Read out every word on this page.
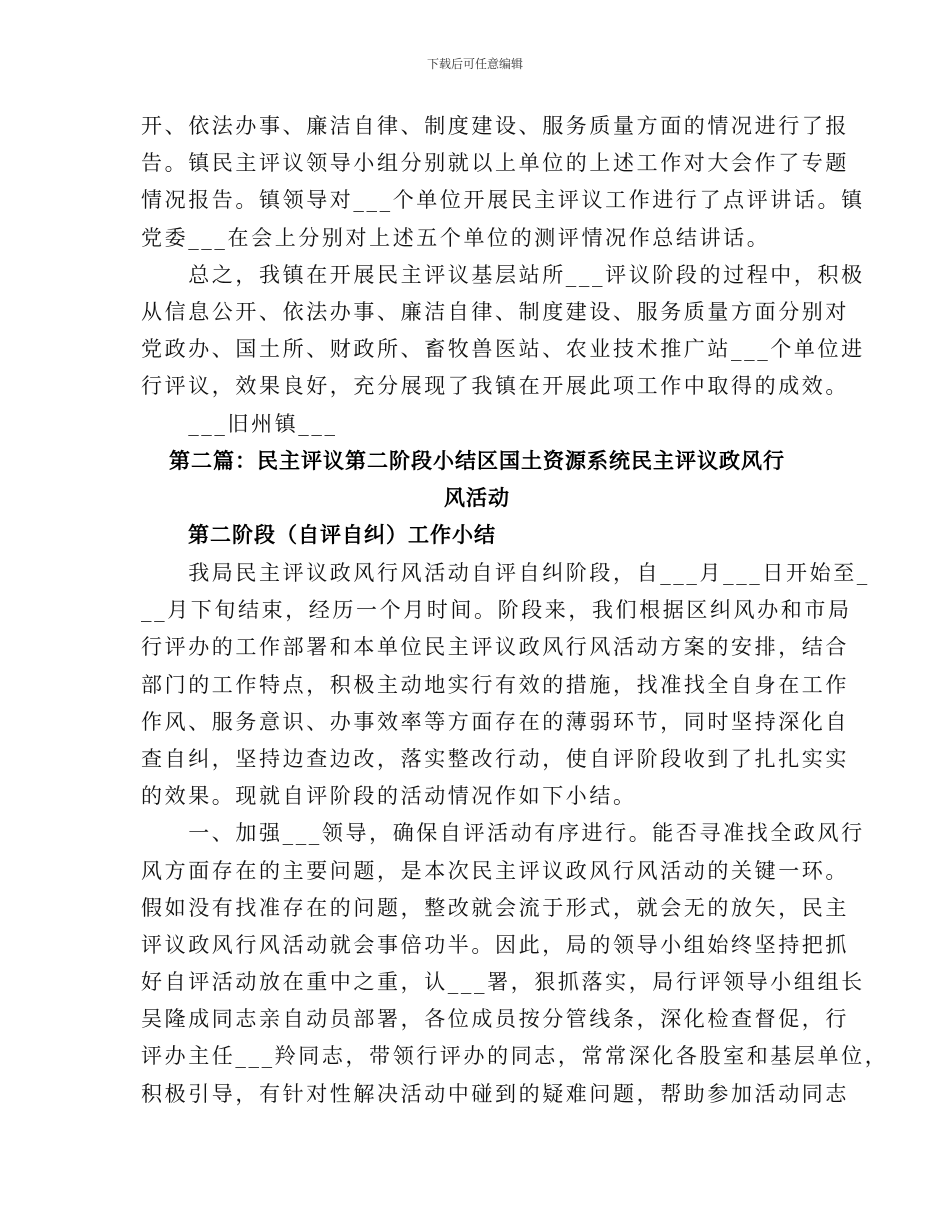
下载后可任意编辑
开、依法办事、廉洁自律、制度建设、服务质量方面的情况进行了报
告。镇民主评议领导小组分别就以上单位的上述工作对大会作了专题
情况报告。镇领导对___个单位开展民主评议工作进行了点评讲话。镇
党委___在会上分别对上述五个单位的测评情况作总结讲话。
　　总之，我镇在开展民主评议基层站所___评议阶段的过程中，积极
从信息公开、依法办事、廉洁自律、制度建设、服务质量方面分别对
党政办、国土所、财政所、畜牧兽医站、农业技术推广站___个单位进
行评议，效果良好，充分展现了我镇在开展此项工作中取得的成效。
　　___旧州镇___
第二篇：民主评议第二阶段小结区国土资源系统民主评议政风行
风活动
第二阶段（自评自纠）工作小结
　　我局民主评议政风行风活动自评自纠阶段，自___月___日开始至_
__月下旬结束，经历一个月时间。阶段来，我们根据区纠风办和市局
行评办的工作部署和本单位民主评议政风行风活动方案的安排，结合
部门的工作特点，积极主动地实行有效的措施，找准找全自身在工作
作风、服务意识、办事效率等方面存在的薄弱环节，同时坚持深化自
查自纠，坚持边查边改，落实整改行动，使自评阶段收到了扎扎实实
的效果。现就自评阶段的活动情况作如下小结。
　　一、加强___领导，确保自评活动有序进行。能否寻准找全政风行
风方面存在的主要问题，是本次民主评议政风行风活动的关键一环。
假如没有找准存在的问题，整改就会流于形式，就会无的放矢，民主
评议政风行风活动就会事倍功半。因此，局的领导小组始终坚持把抓
好自评活动放在重中之重，认___署，狠抓落实，局行评领导小组组长
吴隆成同志亲自动员部署，各位成员按分管线条，深化检查督促，行
评办主任___羚同志，带领行评办的同志，常常深化各股室和基层单位，
积极引导，有针对性解决活动中碰到的疑难问题，帮助参加活动同志
